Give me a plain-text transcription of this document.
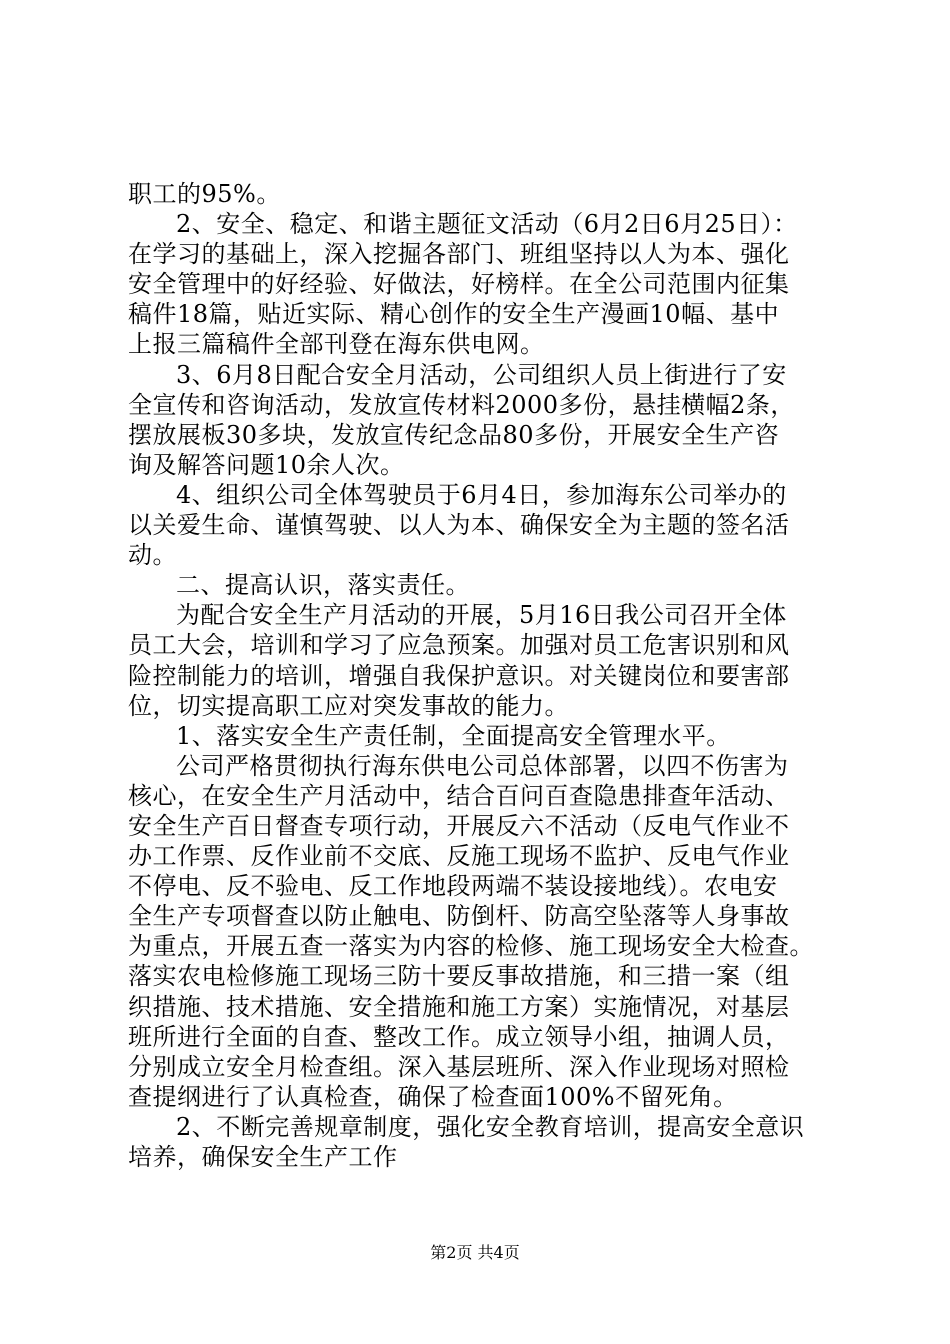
职工的95%。
2、安全、稳定、和谐主题征文活动（6月2日6月25日）：
在学习的基础上，深入挖掘各部门、班组坚持以人为本、强化
安全管理中的好经验、好做法，好榜样。在全公司范围内征集
稿件18篇，贴近实际、精心创作的安全生产漫画10幅、基中
上报三篇稿件全部刊登在海东供电网。
3、6月8日配合安全月活动，公司组织人员上街进行了安
全宣传和咨询活动，发放宣传材料2000多份，悬挂横幅2条，
摆放展板30多块，发放宣传纪念品80多份，开展安全生产咨
询及解答问题10余人次。
4、组织公司全体驾驶员于6月4日，参加海东公司举办的
以关爱生命、谨慎驾驶、以人为本、确保安全为主题的签名活
动。
二、提高认识，落实责任。
为配合安全生产月活动的开展，5月16日我公司召开全体
员工大会，培训和学习了应急预案。加强对员工危害识别和风
险控制能力的培训，增强自我保护意识。对关键岗位和要害部
位，切实提高职工应对突发事故的能力。
1、落实安全生产责任制，全面提高安全管理水平。
公司严格贯彻执行海东供电公司总体部署，以四不伤害为
核心，在安全生产月活动中，结合百问百查隐患排查年活动、
安全生产百日督查专项行动，开展反六不活动（反电气作业不
办工作票、反作业前不交底、反施工现场不监护、反电气作业
不停电、反不验电、反工作地段两端不装设接地线）。农电安
全生产专项督查以防止触电、防倒杆、防高空坠落等人身事故
为重点，开展五查一落实为内容的检修、施工现场安全大检查。
落实农电检修施工现场三防十要反事故措施，和三措一案（组
织措施、技术措施、安全措施和施工方案）实施情况，对基层
班所进行全面的自查、整改工作。成立领导小组，抽调人员，
分别成立安全月检查组。深入基层班所、深入作业现场对照检
查提纲进行了认真检查，确保了检查面100%不留死角。
2、不断完善规章制度，强化安全教育培训，提高安全意识
培养，确保安全生产工作
第2页 共4页
